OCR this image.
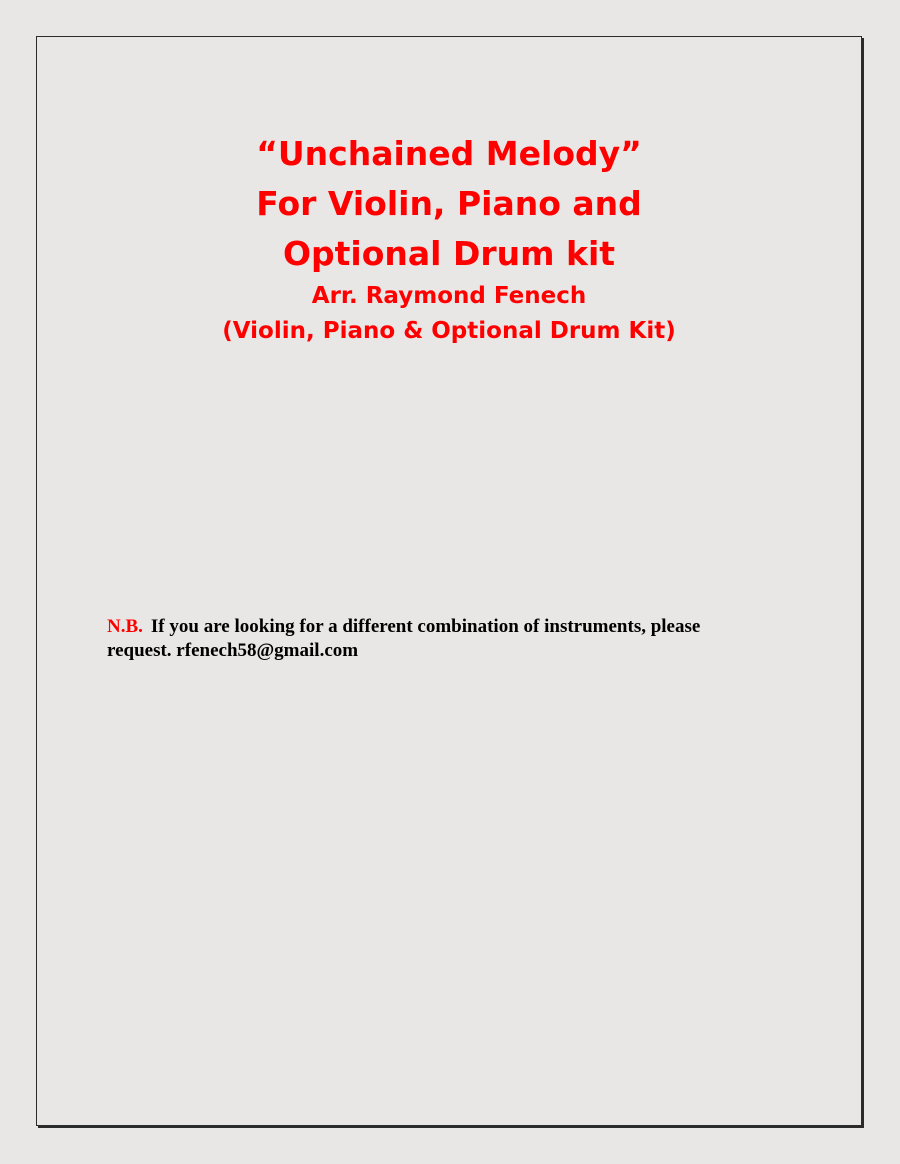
“Unchained Melody”
For Violin, Piano and
Optional Drum kit
Arr. Raymond Fenech
(Violin, Piano & Optional Drum Kit)
N.B. If you are looking for a different combination of instruments, please
request. rfenech58@gmail.com
